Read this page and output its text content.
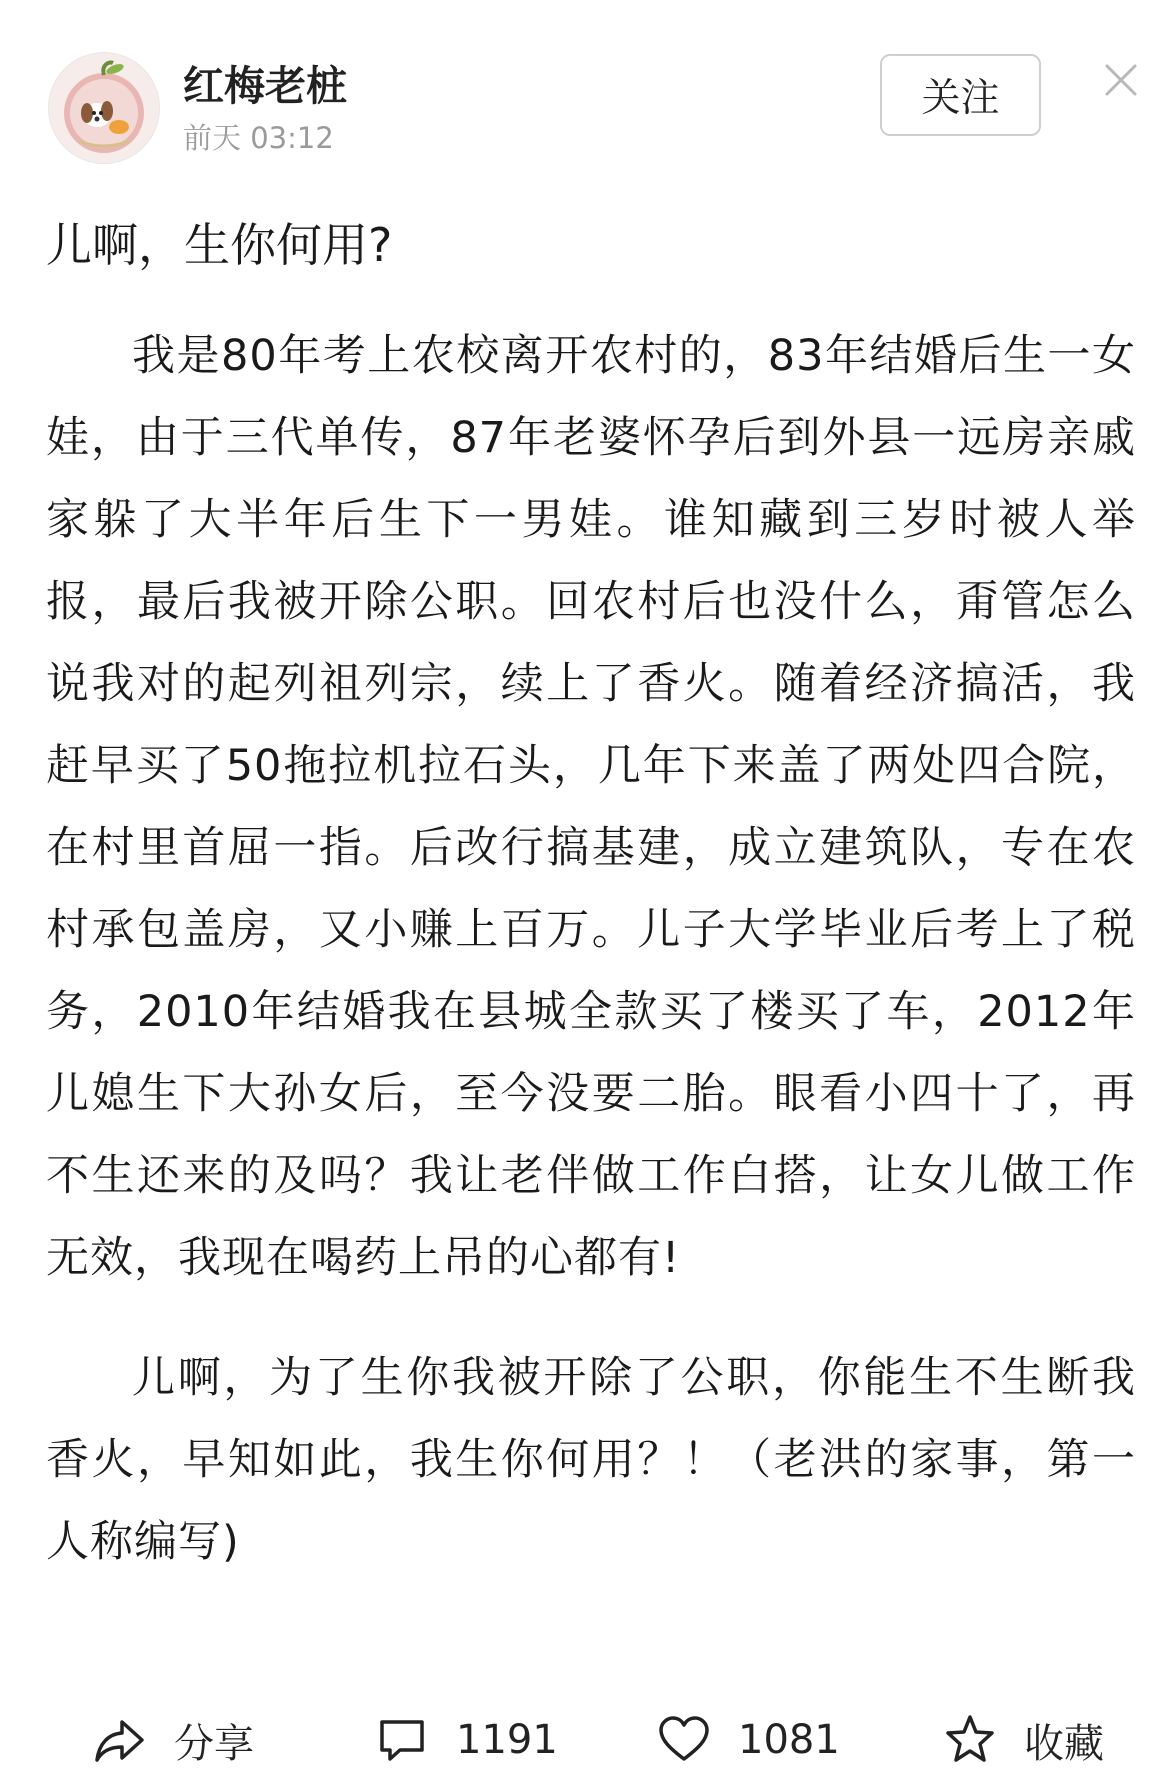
红梅老桩
前天 03:12
关注
儿啊，生你何用?

我是80年考上农校离开农村的，83年结婚后生一女娃，由于三代单传，87年老婆怀孕后到外县一远房亲戚家躲了大半年后生下一男娃。谁知藏到三岁时被人举报，最后我被开除公职。回农村后也没什么，甭管怎么说我对的起列祖列宗，续上了香火。随着经济搞活，我赶早买了50拖拉机拉石头，几年下来盖了两处四合院，在村里首屈一指。后改行搞基建，成立建筑队，专在农村承包盖房，又小赚上百万。儿子大学毕业后考上了税务，2010年结婚我在县城全款买了楼买了车，2012年儿媳生下大孙女后，至今没要二胎。眼看小四十了，再不生还来的及吗？我让老伴做工作白搭，让女儿做工作无效，我现在喝药上吊的心都有!

儿啊，为了生你我被开除了公职，你能生不生断我香火，早知如此，我生你何用？！（老洪的家事，第一人称编写)

分享	1191	1081	收藏
